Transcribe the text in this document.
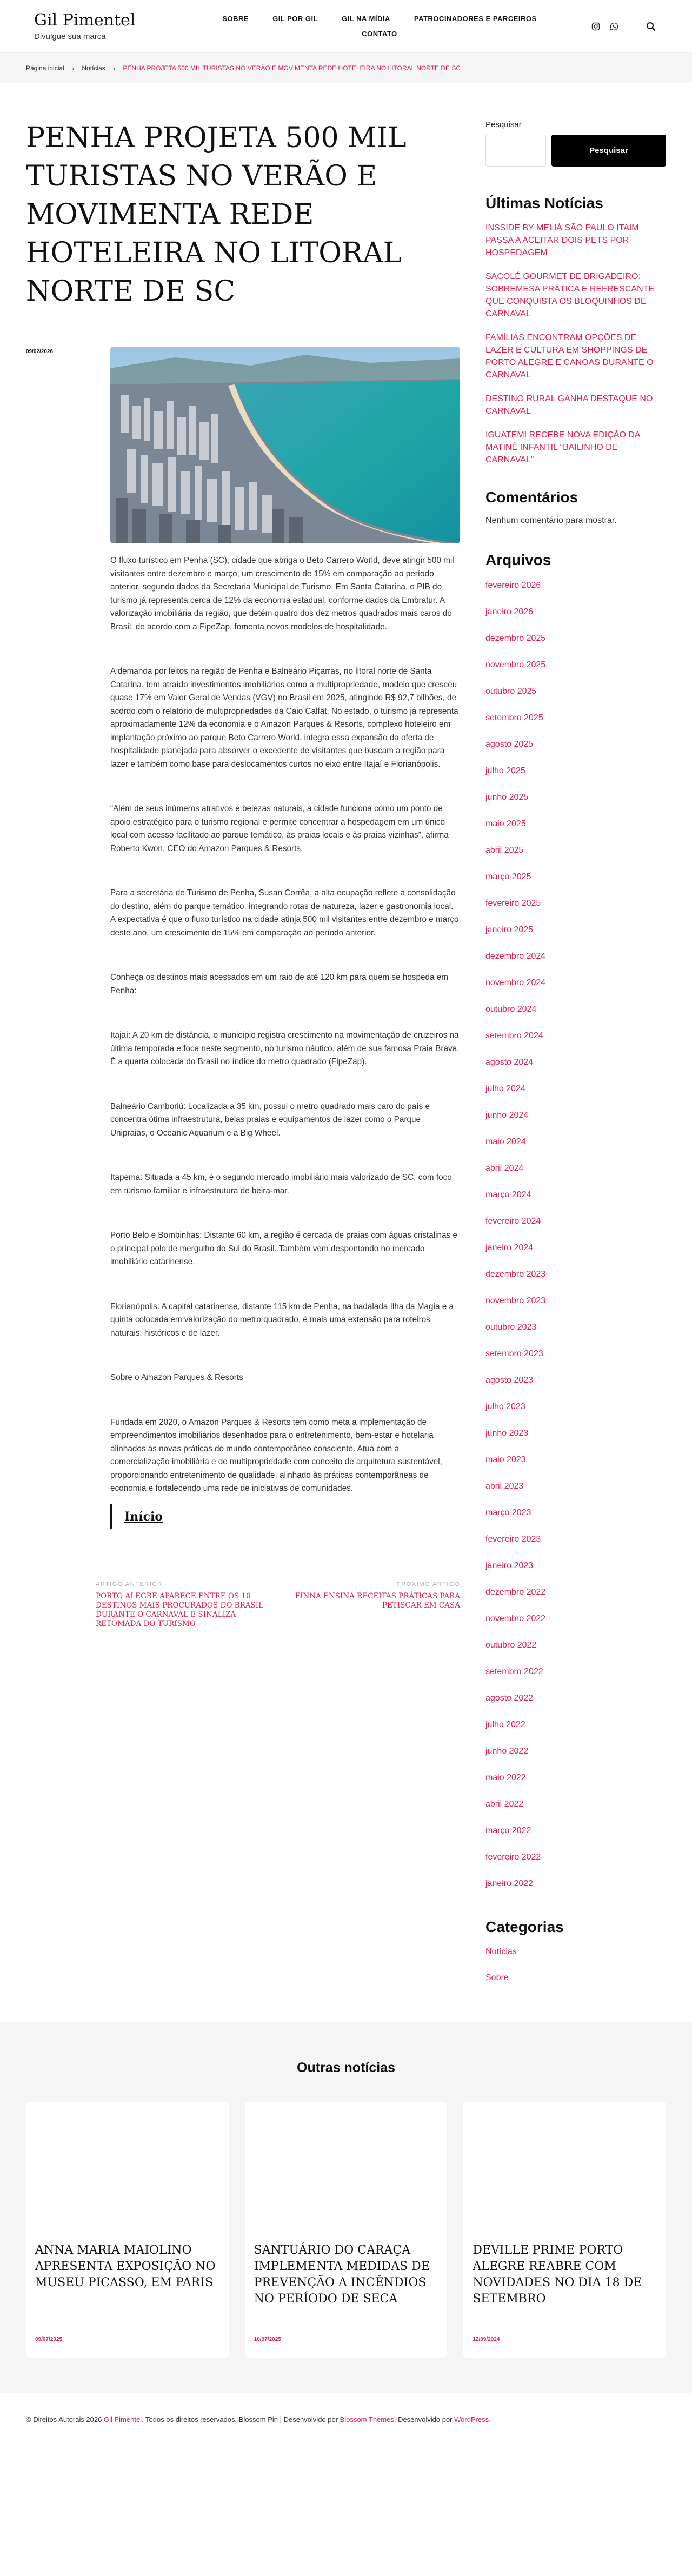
Gil Pimentel
Divulgue sua marca
SOBRE	GIL POR GIL	GIL NA MÍDIA	PATROCINADORES E PARCEIROS
CONTATO
Página inicial › Notícias › PENHA PROJETA 500 MIL TURISTAS NO VERÃO E MOVIMENTA REDE HOTELEIRA NO LITORAL NORTE DE SC
PENHA PROJETA 500 MIL TURISTAS NO VERÃO E MOVIMENTA REDE HOTELEIRA NO LITORAL NORTE DE SC
09/02/2026

O fluxo turístico em Penha (SC), cidade que abriga o Beto Carrero World, deve atingir 500 mil visitantes entre dezembro e março, um crescimento de 15% em comparação ao período anterior, segundo dados da Secretaria Municipal de Turismo. Em Santa Catarina, o PIB do turismo já representa cerca de 12% da economia estadual, conforme dados da Embratur. A valorização imobiliária da região, que detém quatro dos dez metros quadrados mais caros do Brasil, de acordo com a FipeZap, fomenta novos modelos de hospitalidade.

A demanda por leitos na região de Penha e Balneário Piçarras, no litoral norte de Santa Catarina, tem atraído investimentos imobiliários como a multipropriedade, modelo que cresceu quase 17% em Valor Geral de Vendas (VGV) no Brasil em 2025, atingindo R$ 92,7 bilhões, de acordo com o relatório de multipropriedades da Caio Calfat. No estado, o turismo já representa aproximadamente 12% da economia e o Amazon Parques & Resorts, complexo hoteleiro em implantação próximo ao parque Beto Carrero World, integra essa expansão da oferta de hospitalidade planejada para absorver o excedente de visitantes que buscam a região para lazer e também como base para deslocamentos curtos no eixo entre Itajaí e Florianópolis.

“Além de seus inúmeros atrativos e belezas naturais, a cidade funciona como um ponto de apoio estratégico para o turismo regional e permite concentrar a hospedagem em um único local com acesso facilitado ao parque temático, às praias locais e às praias vizinhas”, afirma Roberto Kwon, CEO do Amazon Parques & Resorts.

Para a secretária de Turismo de Penha, Susan Corrêa, a alta ocupação reflete a consolidação do destino, além do parque temático, integrando rotas de natureza, lazer e gastronomia local. A expectativa é que o fluxo turístico na cidade atinja 500 mil visitantes entre dezembro e março deste ano, um crescimento de 15% em comparação ao período anterior.

Conheça os destinos mais acessados em um raio de até 120 km para quem se hospeda em Penha:

Itajaí: A 20 km de distância, o município registra crescimento na movimentação de cruzeiros na última temporada e foca neste segmento, no turismo náutico, além de sua famosa Praia Brava. É a quarta colocada do Brasil no índice do metro quadrado (FipeZap).

Balneário Camboriú: Localizada a 35 km, possui o metro quadrado mais caro do país e concentra ótima infraestrutura, belas praias e equipamentos de lazer como o Parque Unipraias, o Oceanic Aquarium e a Big Wheel.

Itapema: Situada a 45 km, é o segundo mercado imobiliário mais valorizado de SC, com foco em turismo familiar e infraestrutura de beira-mar.

Porto Belo e Bombinhas: Distante 60 km, a região é cercada de praias com águas cristalinas e o principal polo de mergulho do Sul do Brasil. Também vem despontando no mercado imobiliário catarinense.

Florianópolis: A capital catarinense, distante 115 km de Penha, na badalada Ilha da Magia e a quinta colocada em valorização do metro quadrado, é mais uma extensão para roteiros naturais, históricos e de lazer.

Sobre o Amazon Parques & Resorts

Fundada em 2020, o Amazon Parques & Resorts tem como meta a implementação de empreendimentos imobiliários desenhados para o entretenimento, bem-estar e hotelaria alinhados às novas práticas do mundo contemporâneo consciente. Atua com a comercialização imobiliária e de multipropriedade com conceito de arquitetura sustentável, proporcionando entretenimento de qualidade, alinhado às práticas contemporâneas de economia e fortalecendo uma rede de iniciativas de comunidades.

Início
ARTIGO ANTERIOR
PORTO ALEGRE APARECE ENTRE OS 10 DESTINOS MAIS PROCURADOS DO BRASIL DURANTE O CARNAVAL E SINALIZA RETOMADA DO TURISMO
PRÓXIMO ARTIGO
FINNA ENSINA RECEITAS PRÁTICAS PARA PETISCAR EM CASA
Pesquisar
Pesquisar
Últimas Notícias
INSSIDE BY MELIÁ SÃO PAULO ITAIM PASSA A ACEITAR DOIS PETS POR HOSPEDAGEM
SACOLÉ GOURMET DE BRIGADEIRO: SOBREMESA PRÁTICA E REFRESCANTE QUE CONQUISTA OS BLOQUINHOS DE CARNAVAL
FAMÍLIAS ENCONTRAM OPÇÕES DE LAZER E CULTURA EM SHOPPINGS DE PORTO ALEGRE E CANOAS DURANTE O CARNAVAL
DESTINO RURAL GANHA DESTAQUE NO CARNAVAL
IGUATEMI RECEBE NOVA EDIÇÃO DA MATINÊ INFANTIL “BAILINHO DE CARNAVAL”
Comentários
Nenhum comentário para mostrar.
Arquivos
fevereiro 2026
janeiro 2026
dezembro 2025
novembro 2025
outubro 2025
setembro 2025
agosto 2025
julho 2025
junho 2025
maio 2025
abril 2025
março 2025
fevereiro 2025
janeiro 2025
dezembro 2024
novembro 2024
outubro 2024
setembro 2024
agosto 2024
julho 2024
junho 2024
maio 2024
abril 2024
março 2024
fevereiro 2024
janeiro 2024
dezembro 2023
novembro 2023
outubro 2023
setembro 2023
agosto 2023
julho 2023
junho 2023
maio 2023
abril 2023
março 2023
fevereiro 2023
janeiro 2023
dezembro 2022
novembro 2022
outubro 2022
setembro 2022
agosto 2022
julho 2022
junho 2022
maio 2022
abril 2022
março 2022
fevereiro 2022
janeiro 2022
Categorias
Notícias
Sobre
Outras notícias
ANNA MARIA MAIOLINO APRESENTA EXPOSIÇÃO NO MUSEU PICASSO, EM PARIS
09/07/2025
SANTUÁRIO DO CARAÇA IMPLEMENTA MEDIDAS DE PREVENÇÃO A INCÊNDIOS NO PERÍODO DE SECA
10/07/2025
DEVILLE PRIME PORTO ALEGRE REABRE COM NOVIDADES NO DIA 18 DE SETEMBRO
12/09/2024
© Direitos Autorais 2026 Gil Pimentel. Todos os direitos reservados. Blossom Pin | Desenvolvido por Blossom Themes. Desenvolvido por WordPress.
